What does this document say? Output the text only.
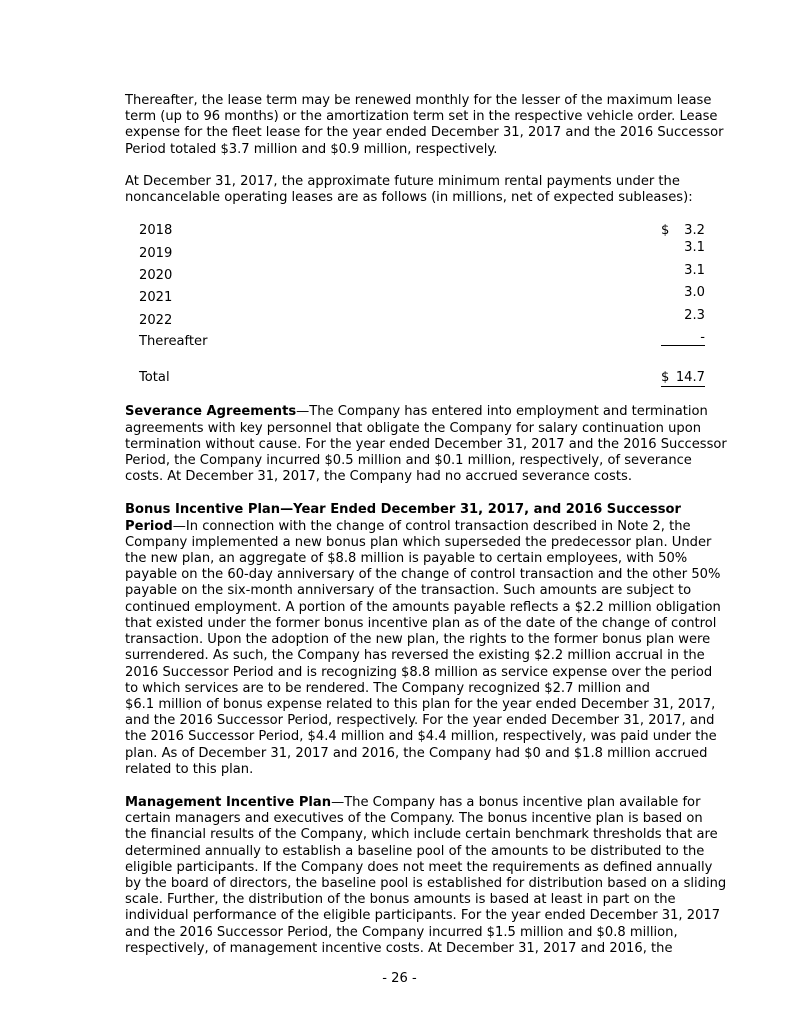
Thereafter, the lease term may be renewed monthly for the lesser of the maximum lease
term (up to 96 months) or the amortization term set in the respective vehicle order. Lease
expense for the fleet lease for the year ended December 31, 2017 and the 2016 Successor
Period totaled $3.7 million and $0.9 million, respectively.

At December 31, 2017, the approximate future minimum rental payments under the
noncancelable operating leases are as follows (in millions, net of expected subleases):

2018	$	3.2
2019	3.1
2020	3.1
2021	3.0
2022	2.3
Thereafter	-
Total	$ 14.7

Severance Agreements—The Company has entered into employment and termination
agreements with key personnel that obligate the Company for salary continuation upon
termination without cause. For the year ended December 31, 2017 and the 2016 Successor
Period, the Company incurred $0.5 million and $0.1 million, respectively, of severance
costs. At December 31, 2017, the Company had no accrued severance costs.

Bonus Incentive Plan—Year Ended December 31, 2017, and 2016 Successor
Period—In connection with the change of control transaction described in Note 2, the
Company implemented a new bonus plan which superseded the predecessor plan. Under
the new plan, an aggregate of $8.8 million is payable to certain employees, with 50%
payable on the 60-day anniversary of the change of control transaction and the other 50%
payable on the six-month anniversary of the transaction. Such amounts are subject to
continued employment. A portion of the amounts payable reflects a $2.2 million obligation
that existed under the former bonus incentive plan as of the date of the change of control
transaction. Upon the adoption of the new plan, the rights to the former bonus plan were
surrendered. As such, the Company has reversed the existing $2.2 million accrual in the
2016 Successor Period and is recognizing $8.8 million as service expense over the period
to which services are to be rendered. The Company recognized $2.7 million and
$6.1 million of bonus expense related to this plan for the year ended December 31, 2017,
and the 2016 Successor Period, respectively. For the year ended December 31, 2017, and
the 2016 Successor Period, $4.4 million and $4.4 million, respectively, was paid under the
plan. As of December 31, 2017 and 2016, the Company had $0 and $1.8 million accrued
related to this plan.

Management Incentive Plan—The Company has a bonus incentive plan available for
certain managers and executives of the Company. The bonus incentive plan is based on
the financial results of the Company, which include certain benchmark thresholds that are
determined annually to establish a baseline pool of the amounts to be distributed to the
eligible participants. If the Company does not meet the requirements as defined annually
by the board of directors, the baseline pool is established for distribution based on a sliding
scale. Further, the distribution of the bonus amounts is based at least in part on the
individual performance of the eligible participants. For the year ended December 31, 2017
and the 2016 Successor Period, the Company incurred $1.5 million and $0.8 million,
respectively, of management incentive costs. At December 31, 2017 and 2016, the

- 26 -
